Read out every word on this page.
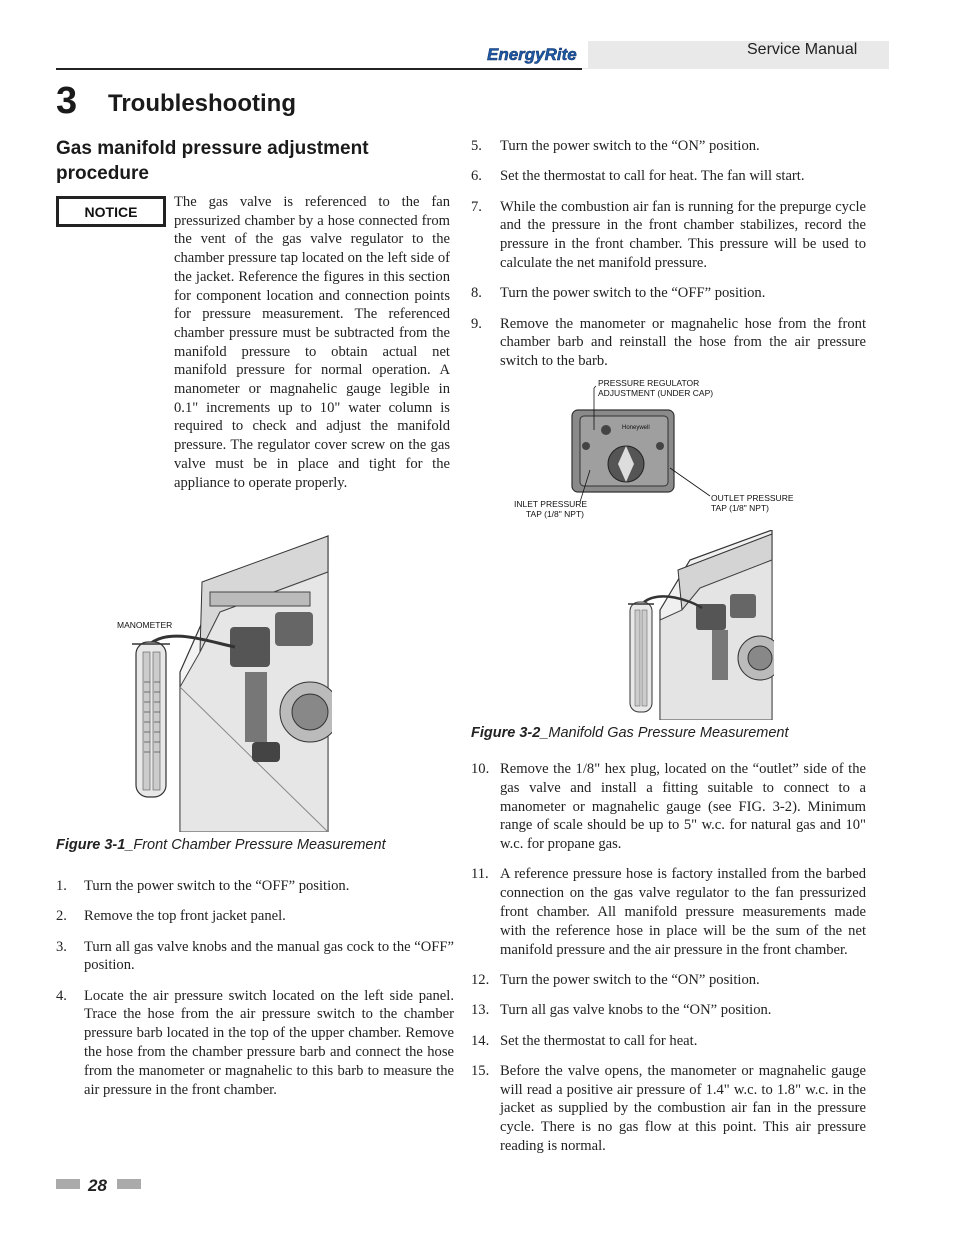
EnergyRite	Service Manual
3 Troubleshooting
Gas manifold pressure adjustment procedure
NOTICE
The gas valve is referenced to the fan pressurized chamber by a hose connected from the vent of the gas valve regulator to the chamber pressure tap located on the left side of the jacket. Reference the figures in this section for component location and connection points for pressure measurement. The referenced chamber pressure must be subtracted from the manifold pressure to obtain actual net manifold pressure for normal operation. A manometer or magnahelic gauge legible in 0.1" increments up to 10" water column is required to check and adjust the manifold pressure. The regulator cover screw on the gas valve must be in place and tight for the appliance to operate properly.
MANOMETER
Figure 3-1_Front Chamber Pressure Measurement
1.	Turn the power switch to the “OFF” position.
2.	Remove the top front jacket panel.
3.	Turn all gas valve knobs and the manual gas cock to the “OFF” position.
4.	Locate the air pressure switch located on the left side panel. Trace the hose from the air pressure switch to the chamber pressure barb located in the top of the upper chamber. Remove the hose from the chamber pressure barb and connect the hose from the manometer or magnahelic to this barb to measure the air pressure in the front chamber.
5.	Turn the power switch to the “ON” position.
6.	Set the thermostat to call for heat. The fan will start.
7.	While the combustion air fan is running for the prepurge cycle and the pressure in the front chamber stabilizes, record the pressure in the front chamber. This pressure will be used to calculate the net manifold pressure.
8.	Turn the power switch to the “OFF” position.
9.	Remove the manometer or magnahelic hose from the front chamber barb and reinstall the hose from the air pressure switch to the barb.
Honeywell
PRESSURE REGULATOR
ADJUSTMENT (UNDER CAP)
INLET PRESSURE
TAP (1/8" NPT)
OUTLET PRESSURE
TAP (1/8" NPT)
Figure 3-2_Manifold Gas Pressure Measurement
10. Remove the 1/8" hex plug, located on the “outlet” side of the gas valve and install a fitting suitable to connect to a manometer or magnahelic gauge (see FIG. 3-2). Minimum range of scale should be up to 5" w.c. for natural gas and 10" w.c. for propane gas.
11. A reference pressure hose is factory installed from the barbed connection on the gas valve regulator to the fan pressurized front chamber. All manifold pressure measurements made with the reference hose in place will be the sum of the net manifold pressure and the air pressure in the front chamber.
12. Turn the power switch to the “ON” position.
13. Turn all gas valve knobs to the “ON” position.
14. Set the thermostat to call for heat.
15. Before the valve opens, the manometer or magnahelic gauge will read a positive air pressure of 1.4" w.c. to 1.8" w.c. in the jacket as supplied by the combustion air fan in the pressure cycle. There is no gas flow at this point. This air pressure reading is normal.
28
